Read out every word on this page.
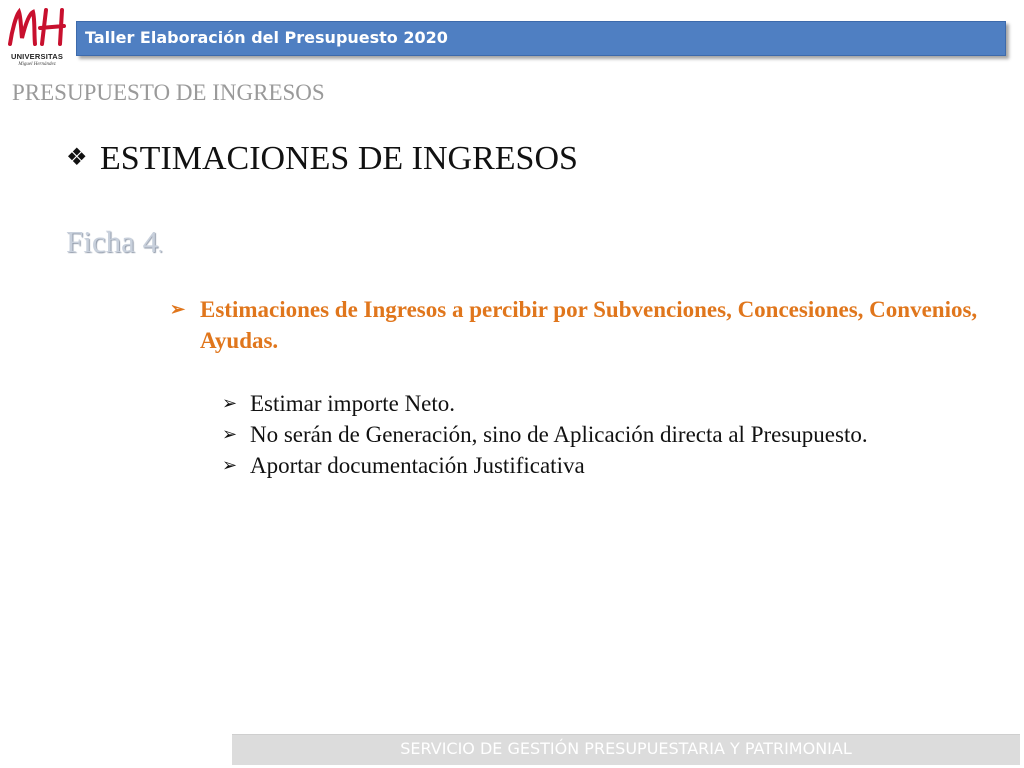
UNIVERSITAS
Miguel Hernández
Taller Elaboración del Presupuesto 2020
PRESUPUESTO DE INGRESOS
❖ ESTIMACIONES DE INGRESOS
Ficha 4.
➢ Estimaciones de Ingresos a percibir por Subvenciones, Concesiones, Convenios, Ayudas.
➢ Estimar importe Neto.
➢ No serán de Generación, sino de Aplicación directa al Presupuesto.
➢ Aportar documentación Justificativa
SERVICIO DE GESTIÓN PRESUPUESTARIA Y PATRIMONIAL
